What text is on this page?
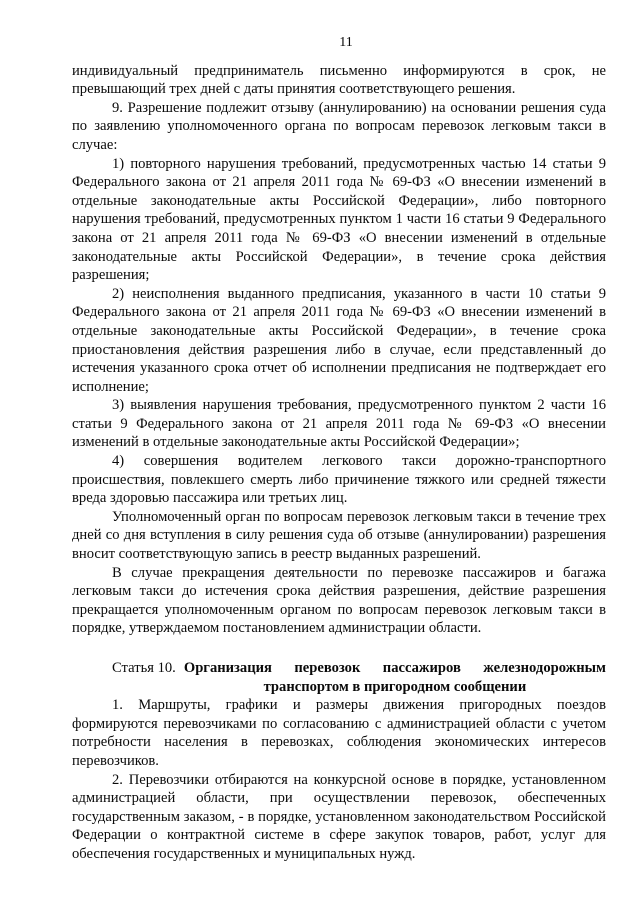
11

индивидуальный предприниматель письменно информируются в срок, не превышающий трех дней с даты принятия соответствующего решения.

9. Разрешение подлежит отзыву (аннулированию) на основании решения суда по заявлению уполномоченного органа по вопросам перевозок легковым такси в случае:

1) повторного нарушения требований, предусмотренных частью 14 статьи 9 Федерального закона от 21 апреля 2011 года № 69-ФЗ «О внесении изменений в отдельные законодательные акты Российской Федерации», либо повторного нарушения требований, предусмотренных пунктом 1 части 16 статьи 9 Федерального закона от 21 апреля 2011 года № 69-ФЗ «О внесении изменений в отдельные законодательные акты Российской Федерации», в течение срока действия разрешения;

2) неисполнения выданного предписания, указанного в части 10 статьи 9 Федерального закона от 21 апреля 2011 года № 69-ФЗ «О внесении изменений в отдельные законодательные акты Российской Федерации», в течение срока приостановления действия разрешения либо в случае, если представленный до истечения указанного срока отчет об исполнении предписания не подтверждает его исполнение;

3) выявления нарушения требования, предусмотренного пунктом 2 части 16 статьи 9 Федерального закона от 21 апреля 2011 года № 69-ФЗ «О внесении изменений в отдельные законодательные акты Российской Федерации»;

4) совершения водителем легкового такси дорожно-транспортного происшествия, повлекшего смерть либо причинение тяжкого или средней тяжести вреда здоровью пассажира или третьих лиц.

Уполномоченный орган по вопросам перевозок легковым такси в течение трех дней со дня вступления в силу решения суда об отзыве (аннулировании) разрешения вносит соответствующую запись в реестр выданных разрешений.

В случае прекращения деятельности по перевозке пассажиров и багажа легковым такси до истечения срока действия разрешения, действие разрешения прекращается уполномоченным органом по вопросам перевозок легковым такси в порядке, утверждаемом постановлением администрации области.

Статья 10. Организация перевозок пассажиров железнодорожным
транспортом в пригородном сообщении

1. Маршруты, графики и размеры движения пригородных поездов формируются перевозчиками по согласованию с администрацией области с учетом потребности населения в перевозках, соблюдения экономических интересов перевозчиков.

2. Перевозчики отбираются на конкурсной основе в порядке, установленном администрацией области, при осуществлении перевозок, обеспеченных государственным заказом, - в порядке, установленном законодательством Российской Федерации о контрактной системе в сфере закупок товаров, работ, услуг для обеспечения государственных и муниципальных нужд.
